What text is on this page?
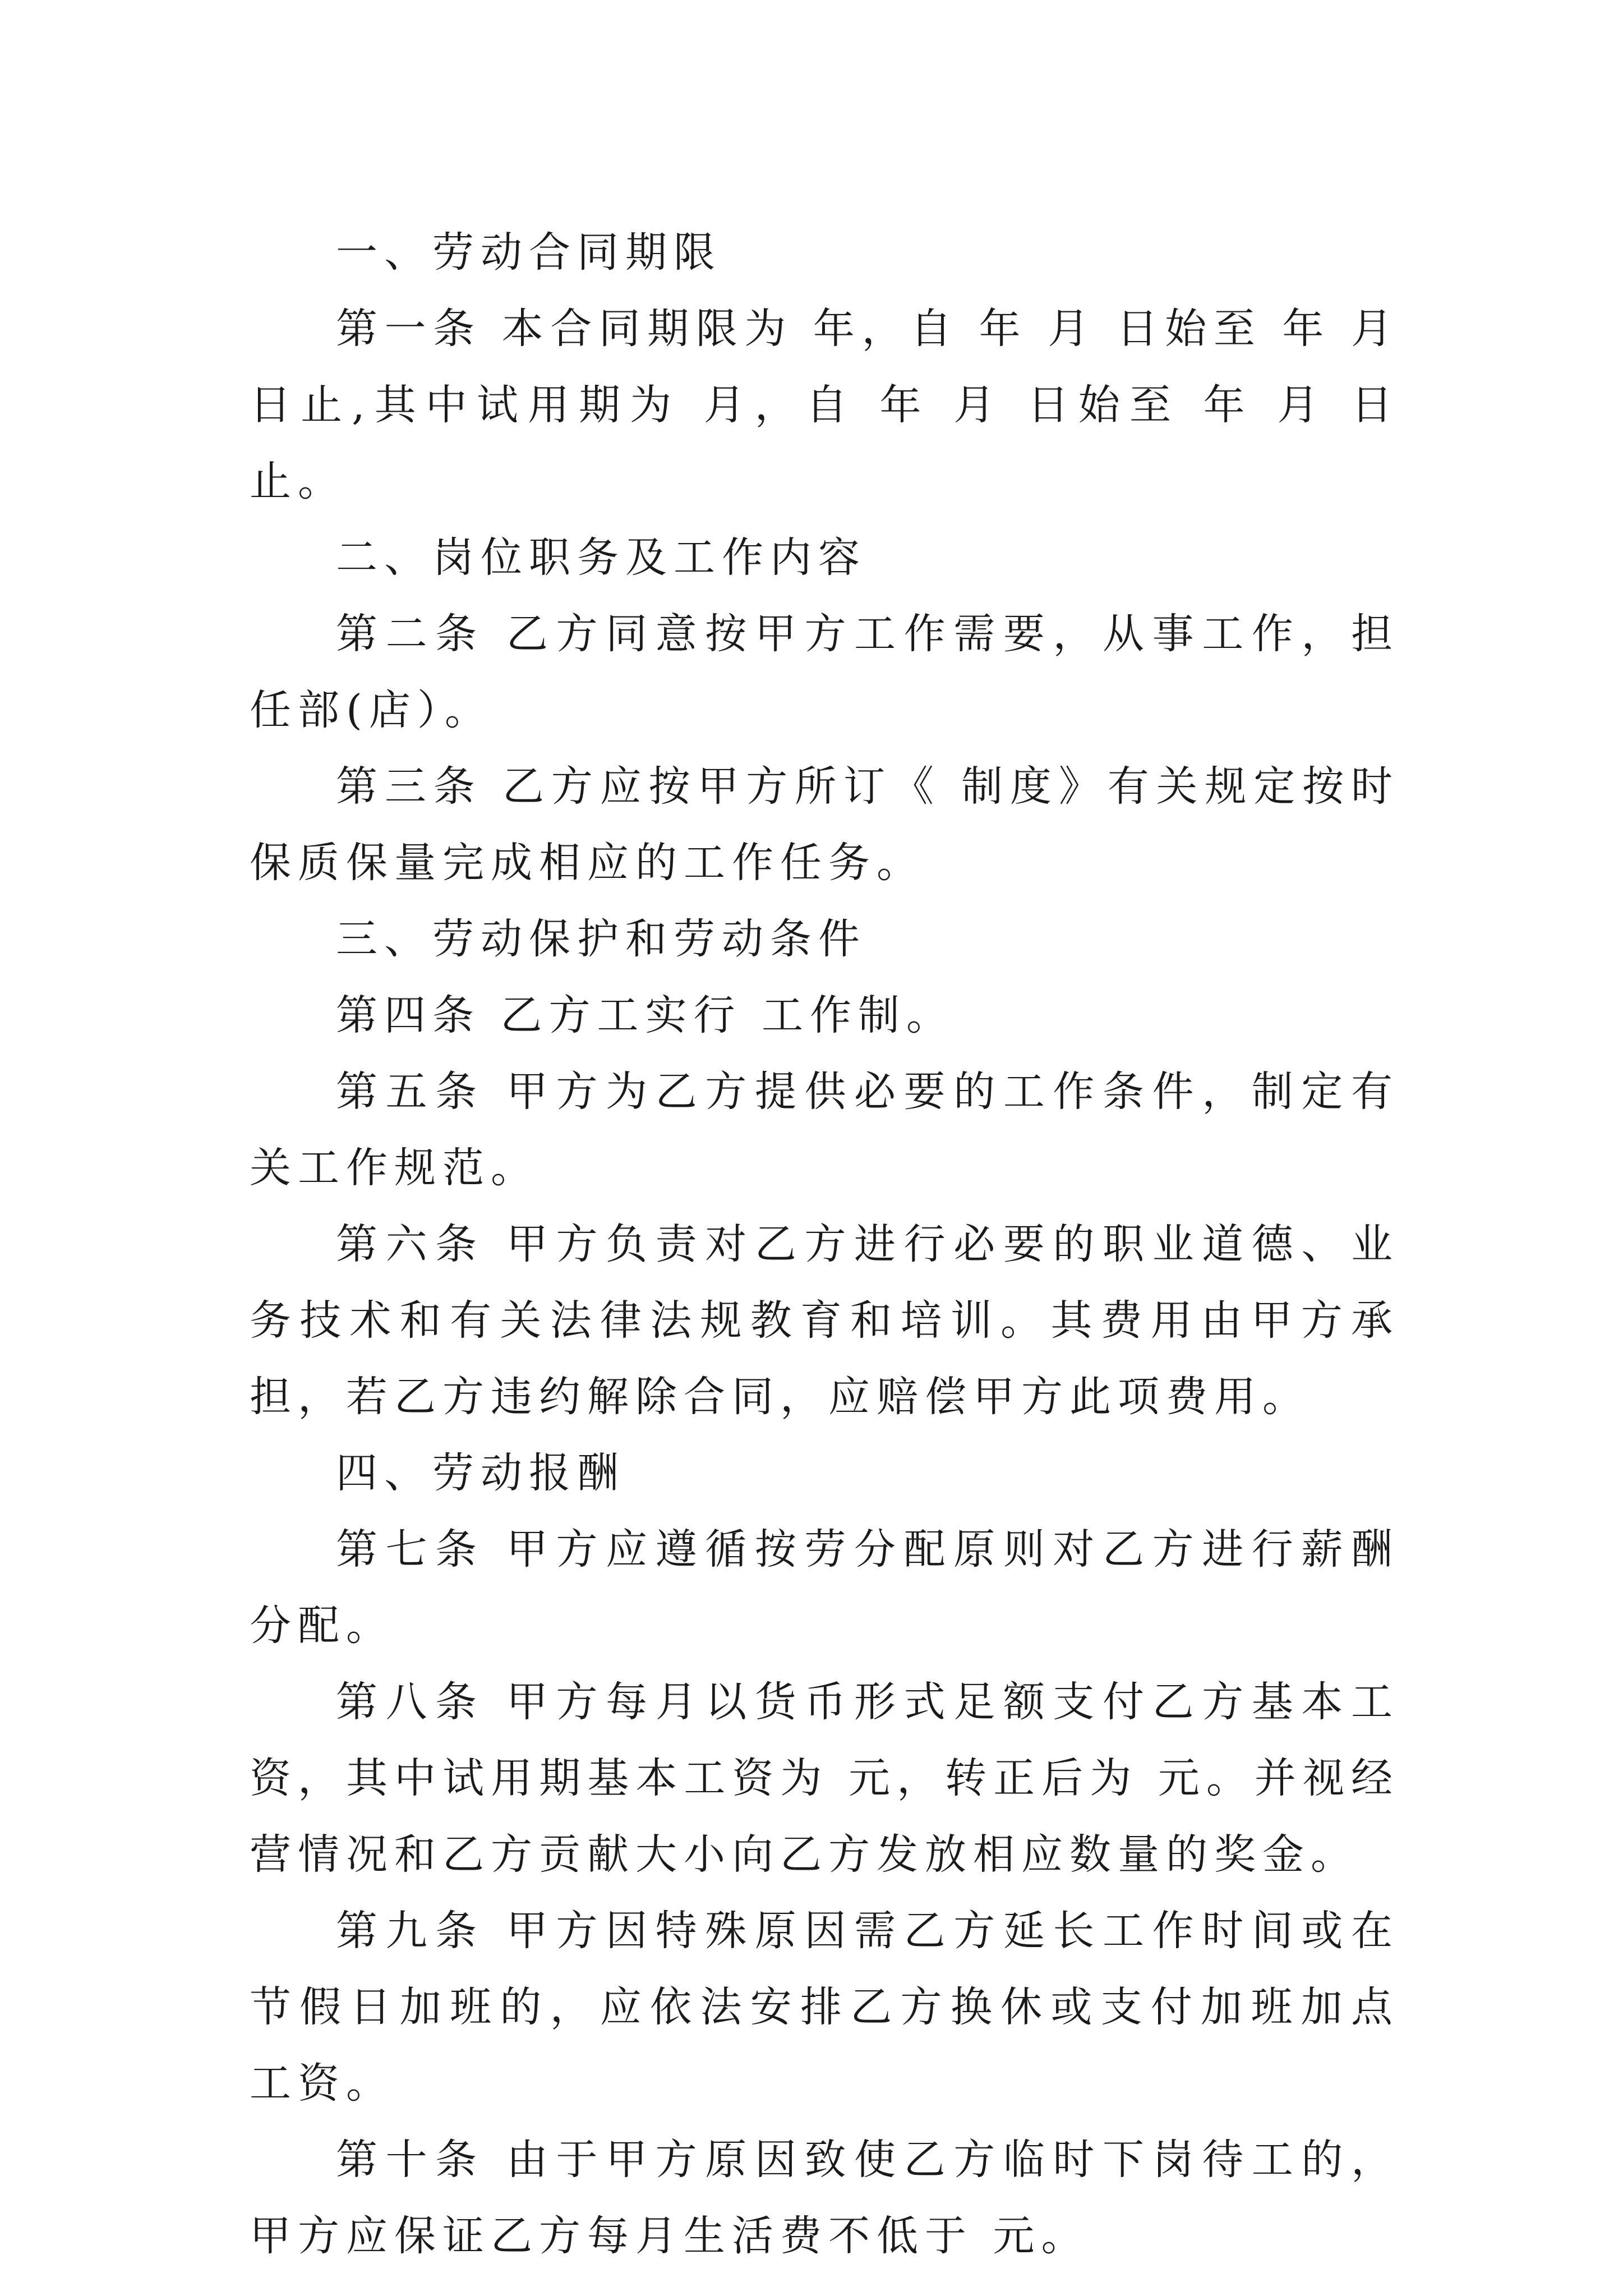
一、劳动合同期限

第一条 本合同期限为 年，自 年 月 日始至 年 月 日止,其中试用期为 月，自 年 月 日始至 年 月 日 止。

二、岗位职务及工作内容

第二条 乙方同意按甲方工作需要，从事工作，担任部(店）。

第三条 乙方应按甲方所订《 制度》有关规定按时保质保量完成相应的工作任务。

三、劳动保护和劳动条件

第四条 乙方工实行 工作制。

第五条 甲方为乙方提供必要的工作条件，制定有关工作规范。

第六条 甲方负责对乙方进行必要的职业道德、业务技术和有关法律法规教育和培训。其费用由甲方承担，若乙方违约解除合同，应赔偿甲方此项费用。

四、劳动报酬

第七条 甲方应遵循按劳分配原则对乙方进行薪酬分配。

第八条 甲方每月以货币形式足额支付乙方基本工资，其中试用期基本工资为 元，转正后为 元。并视经营情况和乙方贡献大小向乙方发放相应数量的奖金。

第九条 甲方因特殊原因需乙方延长工作时间或在节假日加班的，应依法安排乙方换休或支付加班加点工资。

第十条 由于甲方原因致使乙方临时下岗待工的，甲方应保证乙方每月生活费不低于 元。
